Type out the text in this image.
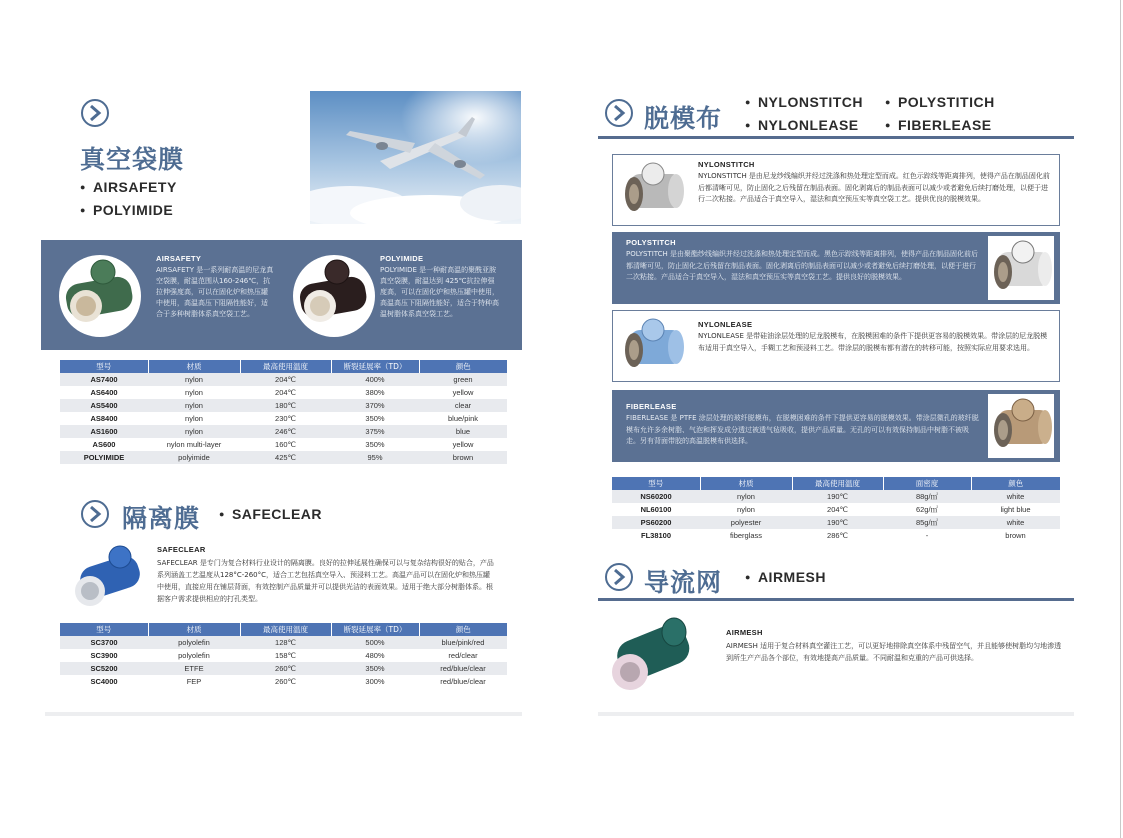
真空袋膜
● AIRSAFETY
● POLYIMIDE
AIRSAFETY
AIRSAFETY 是一系列耐高温的尼龙真空袋膜，耐温范围从160-246℃，抗拉伸强度高，可以在固化炉和热压罐中使用，高温高压下阻隔性能好，适合于多种树脂体系真空袋工艺。
POLYIMIDE
POLYIMIDE 是一种耐高温的聚酰亚胺真空袋膜，耐温达到 425℃抗拉伸强度高，可以在固化炉和热压罐中使用，高温高压下阻隔性能好，适合于特种高温树脂体系真空袋工艺。
型号	材质	最高使用温度	断裂延展率（TD）	颜色
AS7400	nylon	204℃	400%	green
AS6400	nylon	204℃	380%	yellow
AS5400	nylon	180℃	370%	clear
AS8400	nylon	230℃	350%	blue/pink
AS1600	nylon	246℃	375%	blue
AS600	nylon multi-layer	160℃	350%	yellow
POLYIMIDE	polyimide	425℃	95%	brown
隔离膜	● SAFECLEAR
SAFECLEAR
SAFECLEAR 是专门为复合材料行业设计的隔离膜。良好的拉伸延展性确保可以与复杂结构很好的贴合，产品系列涵盖工艺温度从128°C-260°C，适合工艺包括真空导入、预浸料工艺。高温产品可以在固化炉和热压罐中使用，直接应用在铺层背面，有效控制产品质量并可以提供光洁的表面效果。适用于绝大部分树脂体系。根据客户需求提供相应的打孔类型。
型号	材质	最高使用温度	断裂延展率（TD）	颜色
SC3700	polyolefin	128℃	500%	blue/pink/red
SC3900	polyolefin	158℃	480%	red/clear
SC5200	ETFE	260℃	350%	red/blue/clear
SC4000	FEP	260℃	300%	red/blue/clear
脱模布
● NYLONSTITCH	● POLYSTITICH
● NYLONLEASE	● FIBERLEASE
NYLONSTITCH
NYLONSTITCH 是由尼龙纱线编织并经过洗涤和热处理定型而成。红色示踪线等距离排列，使得产品在制品固化前后都清晰可见，防止固化之后残留在制品表面。固化剥离后的制品表面可以减少或者避免后续打磨处理，以便于进行二次粘接。产品适合于真空导入，湿法和真空预压实等真空袋工艺。提供优良的脱模效果。
POLYSTITCH
POLYSTITCH 是由聚酯纱线编织并经过洗涤和热处理定型而成。黑色示踪线等距离排列，使得产品在制品固化前后都清晰可见，防止固化之后残留在制品表面。固化剥离后的制品表面可以减少或者避免后续打磨处理，以便于进行二次粘接。产品适合于真空导入，湿法和真空预压实等真空袋工艺。提供良好的脱模效果。
NYLONLEASE
NYLONLEASE 是带硅油涂层处理的尼龙脱模布，在脱模困难的条件下提供更容易的脱模效果。带涂层的尼龙脱模布适用于真空导入，手糊工艺和预浸料工艺。带涂层的脱模布都有潜在的转移可能，按照实际应用要求选用。
FIBERLEASE
FIBERLEASE 是 PTFE 涂层处理的玻纤脱模布，在脱模困难的条件下提供更容易的脱模效果。带涂层微孔的玻纤脱模布允许多余树脂、气泡和挥发成分透过被透气毡吸收，提供产品质量。无孔的可以有效保持制品中树脂不被吸走。另有背面带胶的高温脱模布供选择。
型号	材质	最高使用温度	面密度	颜色
NS60200	nylon	190℃	88g/㎡	white
NL60100	nylon	204℃	62g/㎡	light blue
PS60200	polyester	190℃	85g/㎡	white
FL38100	fiberglass	286℃	-	brown
导流网	● AIRMESH
AIRMESH
AIRMESH 适用于复合材料真空灌注工艺，可以更好地排除真空体系中残留空气，并且能够使树脂均匀地渗透到所生产产品各个部位，有效地提高产品质量。不同耐温和克重的产品可供选择。
